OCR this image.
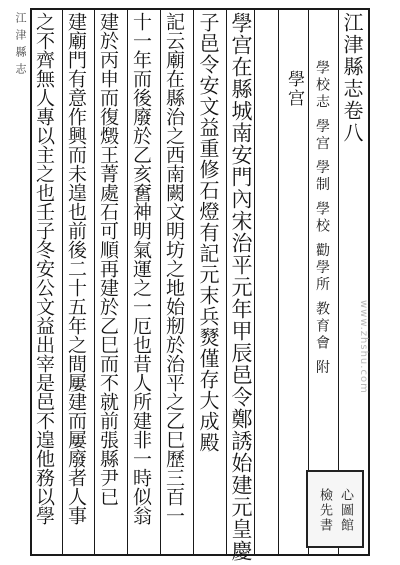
江津縣志	江津縣志卷八
學校志 學宫 學制 學校 勸學所 教育會 附
學宫
學宫在縣城南安門內宋治平元年甲辰邑令鄭誘始建元皇慶
子邑令安文益重修石燈有記元末兵燹僅存大成殿
記云廟在縣治之西南闕文明坊之地始剏於治平之乙巳歷三百一
十一年而後廢於乙亥𡚒神明氣運之一厄也昔人所建非一時似翁
建於丙申而復燬王菁處石可順再建於乙巳而不就前張縣尹已
建廟門有意作興而未遑也前後二十五年之間屢建而屢廢者人事
之不齊無人專以主之也壬子冬安公文益出宰是邑不遑他務以學	檢 心
先 圖
書 館
www.zhshu.com
